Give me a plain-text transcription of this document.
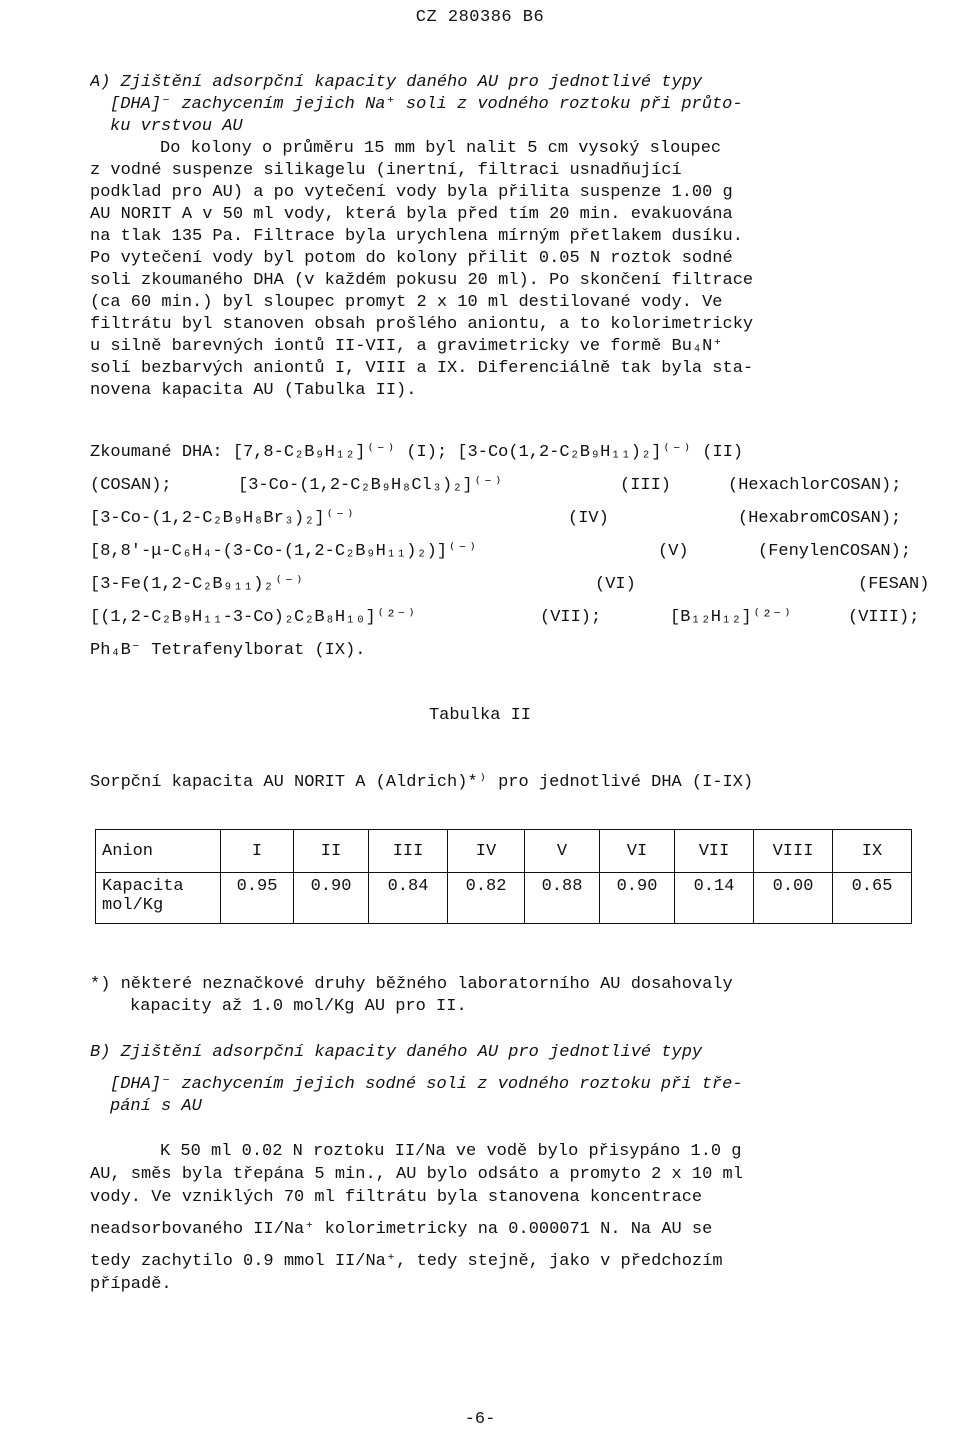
CZ 280386 B6
A) Zjištění adsorpční kapacity daného AU pro jednotlivé typy
[DHA]⁻ zachycením jejich Na⁺ soli z vodného roztoku při průto-
ku vrstvou AU
Do kolony o průměru 15 mm byl nalit 5 cm vysoký sloupec
z vodné suspenze silikagelu (inertní, filtraci usnadňující
podklad pro AU) a po vytečení vody byla přilita suspenze 1.00 g
AU NORIT A v 50 ml vody, která byla před tím 20 min. evakuována
na tlak 135 Pa. Filtrace byla urychlena mírným přetlakem dusíku.
Po vytečení vody byl potom do kolony přilit 0.05 N roztok sodné
soli zkoumaného DHA (v každém pokusu 20 ml). Po skončení filtrace
(ca 60 min.) byl sloupec promyt 2 x 10 ml destilované vody. Ve
filtrátu byl stanoven obsah prošlého aniontu, a to kolorimetricky
u silně barevných iontů II-VII, a gravimetricky ve formě Bu₄N⁺
solí bezbarvých aniontů I, VIII a IX. Diferenciálně tak byla sta-
novena kapacita AU (Tabulka II).
Zkoumané DHA: [7,8-C₂B₉H₁₂]⁽⁻⁾ (I); [3-Co(1,2-C₂B₉H₁₁)₂]⁽⁻⁾ (II)
(COSAN);	[3-Co-(1,2-C₂B₉H₈Cl₃)₂]⁽⁻⁾	(III)	(HexachlorCOSAN);
[3-Co-(1,2-C₂B₉H₈Br₃)₂]⁽⁻⁾	(IV)	(HexabromCOSAN);
[8,8'-μ-C₆H₄-(3-Co-(1,2-C₂B₉H₁₁)₂)]⁽⁻⁾	(V)	(FenylenCOSAN);
[3-Fe(1,2-C₂B₉₁₁)₂⁽⁻⁾	(VI)	(FESAN)
[(1,2-C₂B₉H₁₁-3-Co)₂C₂B₈H₁₀]⁽²⁻⁾	(VII);	[B₁₂H₁₂]⁽²⁻⁾	(VIII);
Ph₄B⁻ Tetrafenylborat (IX).
Tabulka II
Sorpční kapacita AU NORIT A (Aldrich)*⁾ pro jednotlivé DHA (I-IX)
Anion	I	II	III	IV	V	VI	VII	VIII	IX

Kapacita
mol/Kg	0.95	0.90	0.84	0.82	0.88	0.90	0.14	0.00	0.65
*) některé neznačkové druhy běžného laboratorního AU dosahovaly
kapacity až 1.0 mol/Kg AU pro II.
B) Zjištění adsorpční kapacity daného AU pro jednotlivé typy
[DHA]⁻ zachycením jejich sodné soli z vodného roztoku při tře-
pání s AU
K 50 ml 0.02 N roztoku II/Na ve vodě bylo přisypáno 1.0 g
AU, směs byla třepána 5 min., AU bylo odsáto a promyto 2 x 10 ml
vody. Ve vzniklých 70 ml filtrátu byla stanovena koncentrace
neadsorbovaného II/Na⁺ kolorimetricky na 0.000071 N. Na AU se
tedy zachytilo 0.9 mmol II/Na⁺, tedy stejně, jako v předchozím
případě.
-6-
